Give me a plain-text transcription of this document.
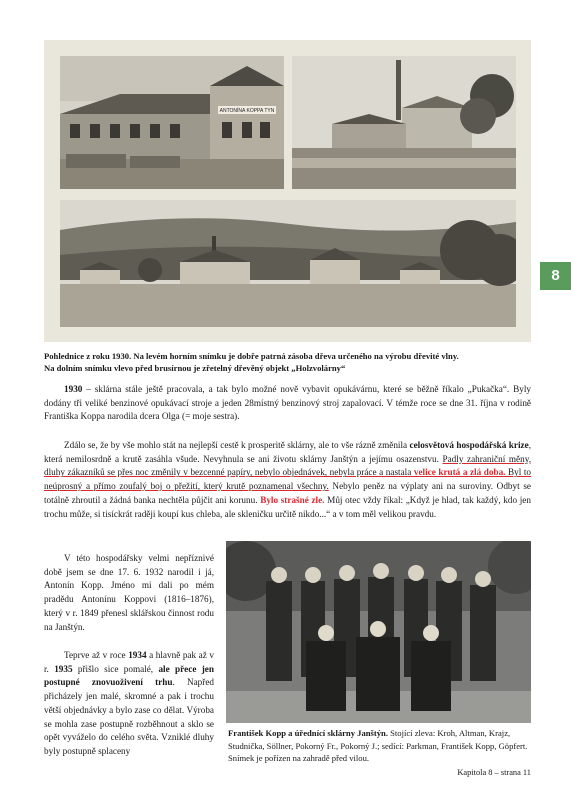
ANTONÍNA KOPPA TYN
Pohlednice z roku 1930. Na levém horním snímku je dobře patrná zásoba dřeva určeného na výrobu dřevité vlny.
Na dolním snímku vlevo před brusírnou je zřetelný dřevěný objekt „Holzvolárny“
8
1930 – sklárna stále ještě pracovala, a tak bylo možné nově vybavit opukávárnu, které se běžně říkalo „Pukačka“. Byly dodány tři veliké benzinové opukávací stroje a jeden 28místný benzinový stroj zapalovací. V témže roce se dne 31. října v rodině Františka Koppa narodila dcera Olga (= moje sestra).
Zdálo se, že by vše mohlo stát na nejlepší cestě k prosperitě sklárny, ale to vše rázně změnila celosvětová hospodářská krize, která nemilosrdně a krutě zasáhla všude. Nevyhnula se ani životu sklárny Janštýn a jejímu osazenstvu. Padly zahraniční měny, dluhy zákazníků se přes noc změnily v bezcenné papíry, nebylo objednávek, nebyla práce a nastala velice krutá a zlá doba. Byl to neúprosný a přímo zoufalý boj o přežití, který krutě poznamenal všechny. Nebylo peněz na výplaty ani na suroviny. Odbyt se totálně zhroutil a žádná banka nechtěla půjčit ani korunu. Bylo strašné zle. Můj otec vždy říkal: „Když je hlad, tak každý, kdo jen trochu může, si tisíckrát raději koupí kus chleba, ale skleničku určitě nikdo...“ a v tom měl velikou pravdu.
V této hospodářsky velmi nepříznivé době jsem se dne 17. 6. 1932 narodil i já, Antonín Kopp. Jméno mi dali po mém pradědu Antonínu Koppovi (1816–1876), který v r. 1849 přenesl sklářskou činnost rodu na Janštýn.
Teprve až v roce 1934 a hlavně pak až v r. 1935 přišlo sice pomalé, ale přece jen postupné znovuoživení trhu. Napřed přicházely jen malé, skromné a pak i trochu větší objednávky a bylo zase co dělat. Výroba se mohla zase postupně rozběhnout a sklo se opět vyváželo do celého světa. Vzniklé dluhy byly postupně splaceny
František Kopp a úřednící sklárny Janštýn. Stojící zleva: Kroh, Altman, Krajz, Studnička, Söllner, Pokorný Fr., Pokorný J.; sedící: Parkman, František Kopp, Göpfert. Snímek je pořízen na zahradě před vilou.
Kapitola 8 – strana 11
